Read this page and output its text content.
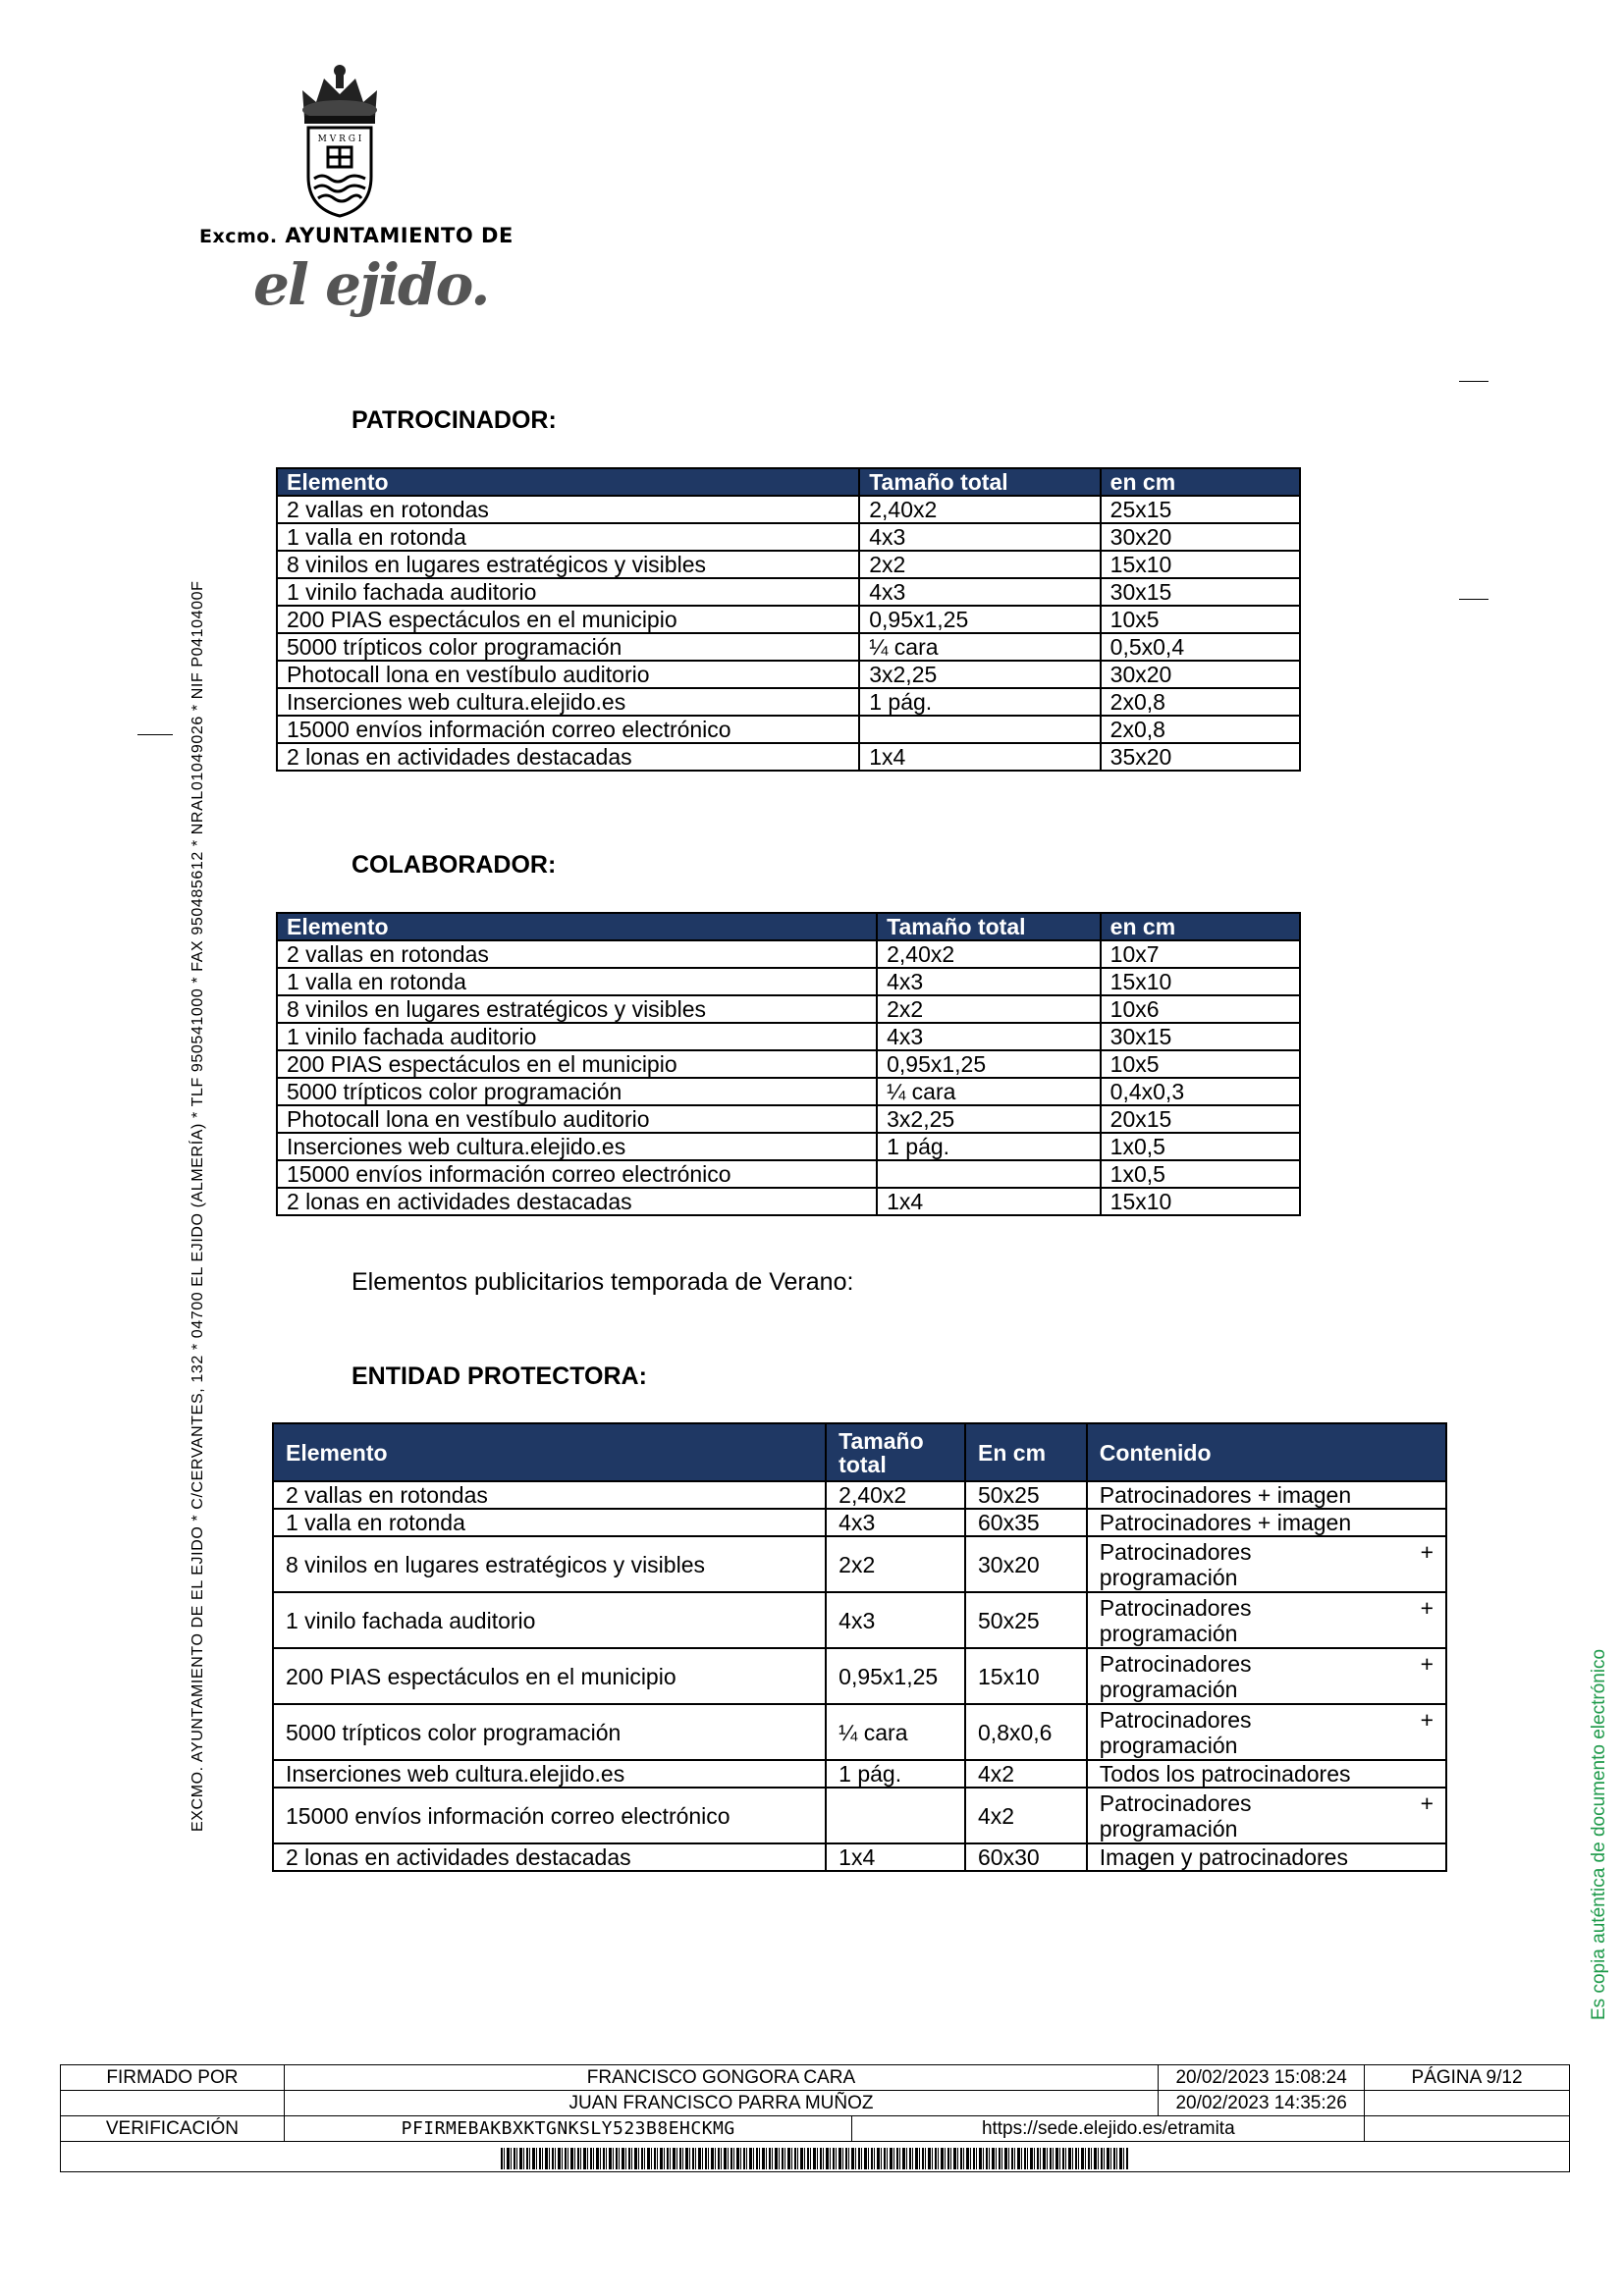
M V R G I
Excmo. AYUNTAMIENTO DE
el ejido.
EXCMO. AYUNTAMIENTO DE EL EJIDO * C/CERVANTES, 132 * 04700 EL EJIDO (ALMERÍA) * TLF 950541000 * FAX 950485612 * NRAL01049026 * NIF P0410400F
Es copia auténtica de documento electrónico
PATROCINADOR:
Elemento	Tamaño total	en cm
2 vallas en rotondas	2,40x2	25x15
1 valla en rotonda	4x3	30x20
8 vinilos en lugares estratégicos y visibles	2x2	15x10
1 vinilo fachada auditorio	4x3	30x15
200 PIAS espectáculos en el municipio	0,95x1,25	10x5
5000 trípticos color programación	¼ cara	0,5x0,4
Photocall lona en vestíbulo auditorio	3x2,25	30x20
Inserciones web cultura.elejido.es	1 pág.	2x0,8
15000 envíos información correo electrónico		2x0,8
2 lonas en actividades destacadas	1x4	35x20
COLABORADOR:
Elemento	Tamaño total	en cm
2 vallas en rotondas	2,40x2	10x7
1 valla en rotonda	4x3	15x10
8 vinilos en lugares estratégicos y visibles	2x2	10x6
1 vinilo fachada auditorio	4x3	30x15
200 PIAS espectáculos en el municipio	0,95x1,25	10x5
5000 trípticos color programación	¼ cara	0,4x0,3
Photocall lona en vestíbulo auditorio	3x2,25	20x15
Inserciones web cultura.elejido.es	1 pág.	1x0,5
15000 envíos información correo electrónico		1x0,5
2 lonas en actividades destacadas	1x4	15x10
Elementos publicitarios temporada de Verano:
ENTIDAD PROTECTORA:
Elemento	Tamaño total	En cm	Contenido
2 vallas en rotondas	2,40x2	50x25	Patrocinadores + imagen
1 valla en rotonda	4x3	60x35	Patrocinadores + imagen
8 vinilos en lugares estratégicos y visibles	2x2	30x20	Patrocinadores +
programación

1 vinilo fachada auditorio	4x3	50x25	Patrocinadores +
programación

200 PIAS espectáculos en el municipio	0,95x1,25	15x10	Patrocinadores +
programación

5000 trípticos color programación	¼ cara	0,8x0,6	Patrocinadores +
programación

Inserciones web cultura.elejido.es	1 pág.	4x2	Todos los patrocinadores
15000 envíos información correo electrónico		4x2	Patrocinadores +
programación

2 lonas en actividades destacadas	1x4	60x30	Imagen y patrocinadores
FIRMADO POR	FRANCISCO GONGORA CARA		20/02/2023 15:08:24	PÁGINA 9/12
	JUAN FRANCISCO PARRA MUÑOZ		20/02/2023 14:35:26	
VERIFICACIÓN	PFIRMEBAKBXKTGNKSLY523B8EHCKMG	https://sede.elejido.es/etramita		
